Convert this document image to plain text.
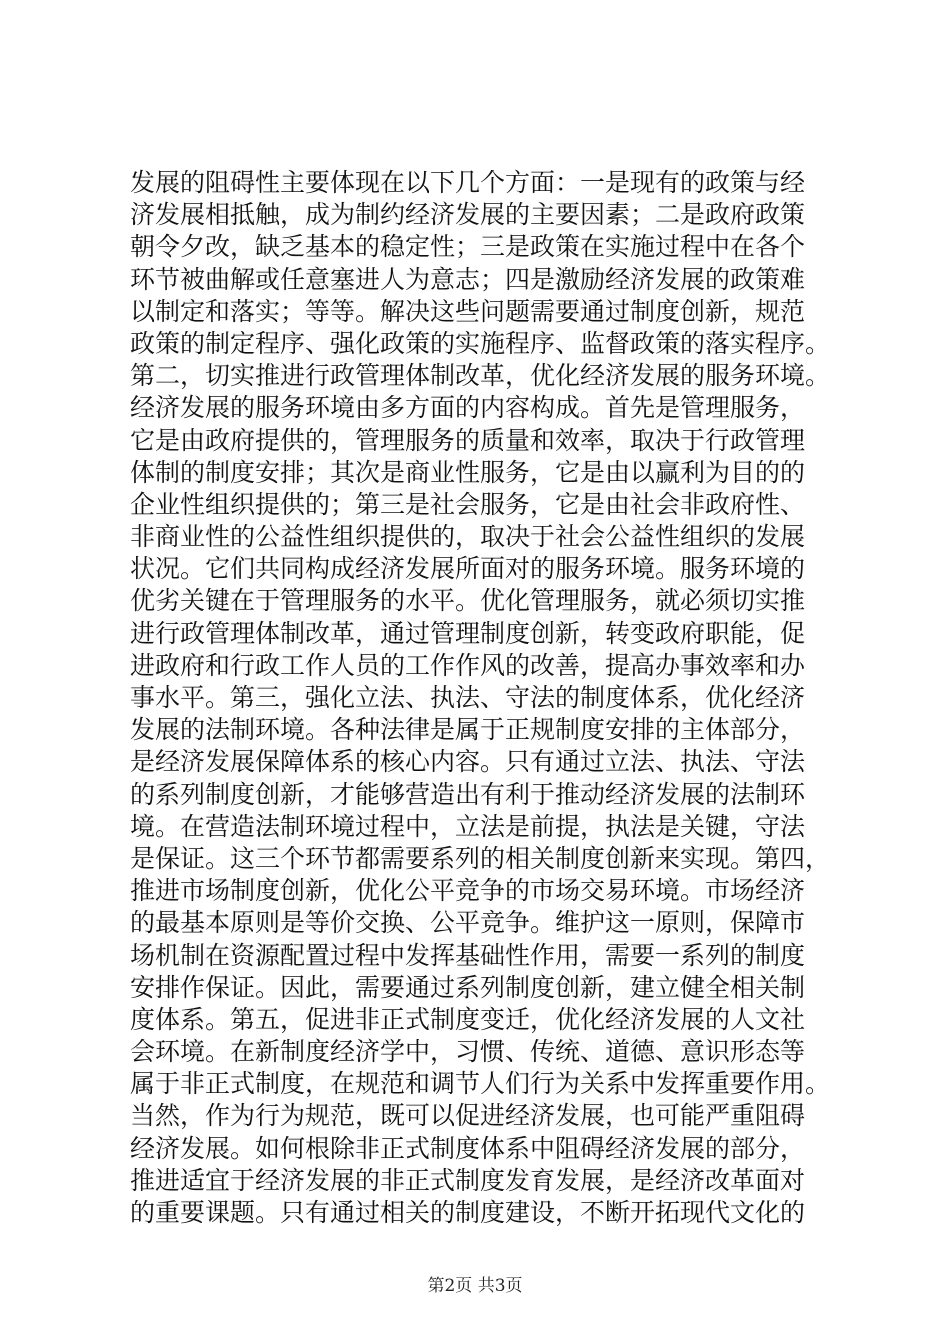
发展的阻碍性主要体现在以下几个方面：一是现有的政策与经
济发展相抵触，成为制约经济发展的主要因素；二是政府政策
朝令夕改，缺乏基本的稳定性；三是政策在实施过程中在各个
环节被曲解或任意塞进人为意志；四是激励经济发展的政策难
以制定和落实；等等。解决这些问题需要通过制度创新，规范
政策的制定程序、强化政策的实施程序、监督政策的落实程序。
第二，切实推进行政管理体制改革，优化经济发展的服务环境。
经济发展的服务环境由多方面的内容构成。首先是管理服务，
它是由政府提供的，管理服务的质量和效率，取决于行政管理
体制的制度安排；其次是商业性服务，它是由以赢利为目的的
企业性组织提供的；第三是社会服务，它是由社会非政府性、
非商业性的公益性组织提供的，取决于社会公益性组织的发展
状况。它们共同构成经济发展所面对的服务环境。服务环境的
优劣关键在于管理服务的水平。优化管理服务，就必须切实推
进行政管理体制改革，通过管理制度创新，转变政府职能，促
进政府和行政工作人员的工作作风的改善，提高办事效率和办
事水平。第三，强化立法、执法、守法的制度体系，优化经济
发展的法制环境。各种法律是属于正规制度安排的主体部分，
是经济发展保障体系的核心内容。只有通过立法、执法、守法
的系列制度创新，才能够营造出有利于推动经济发展的法制环
境。在营造法制环境过程中，立法是前提，执法是关键，守法
是保证。这三个环节都需要系列的相关制度创新来实现。第四，
推进市场制度创新，优化公平竞争的市场交易环境。市场经济
的最基本原则是等价交换、公平竞争。维护这一原则，保障市
场机制在资源配置过程中发挥基础性作用，需要一系列的制度
安排作保证。因此，需要通过系列制度创新，建立健全相关制
度体系。第五，促进非正式制度变迁，优化经济发展的人文社
会环境。在新制度经济学中，习惯、传统、道德、意识形态等
属于非正式制度，在规范和调节人们行为关系中发挥重要作用。
当然，作为行为规范，既可以促进经济发展，也可能严重阻碍
经济发展。如何根除非正式制度体系中阻碍经济发展的部分，
推进适宜于经济发展的非正式制度发育发展，是经济改革面对
的重要课题。只有通过相关的制度建设，不断开拓现代文化的
第2页 共3页
